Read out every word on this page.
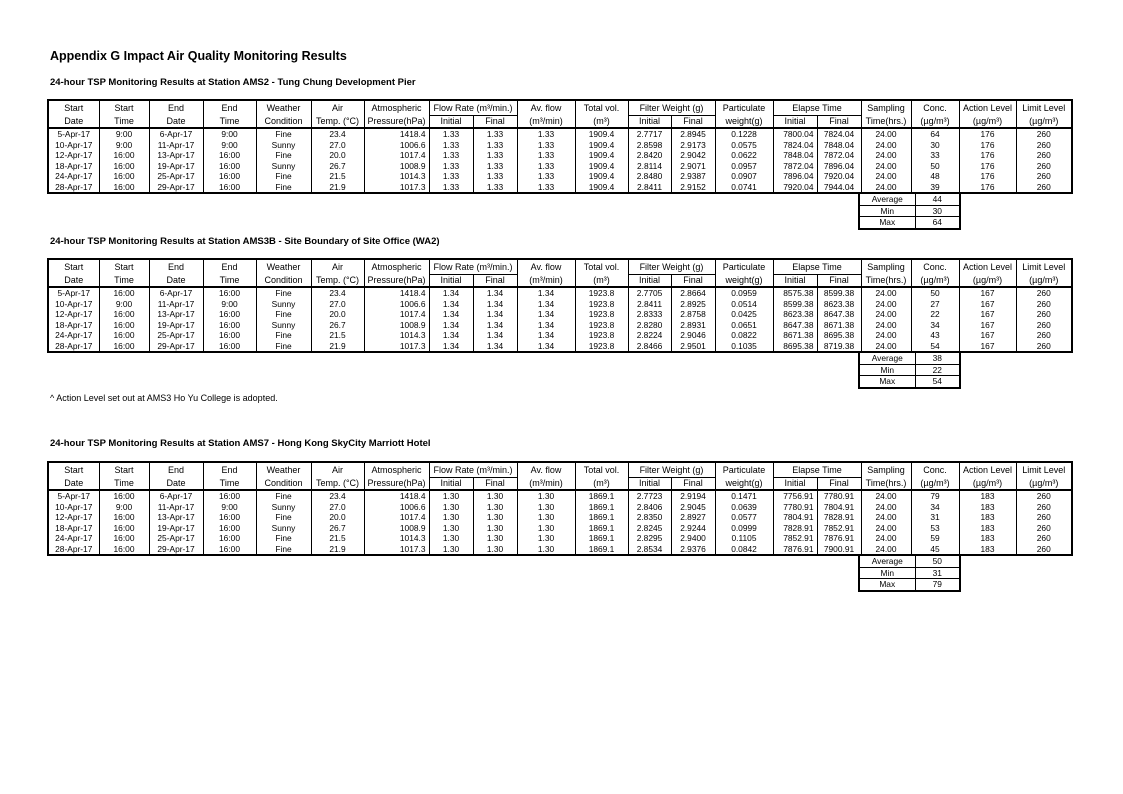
Appendix G Impact Air Quality Monitoring Results
24-hour TSP Monitoring Results at Station AMS2 - Tung Chung Development Pier
Start	Start	End	End	Weather	Air	Atmospheric	Flow Rate (m³/min.)		Av. flow	Total vol.	Filter Weight (g)		Particulate	Elapse Time		Sampling	Conc.	Action Level	Limit Level
Date	Time	Date	Time	Condition	Temp. (°C)	Pressure(hPa)	Initial	Final	(m³/min)	(m³)	Initial	Final	weight(g)	Initial	Final	Time(hrs.)	(µg/m³)	(µg/m³)	(µg/m³)
5-Apr-17	9:00	6-Apr-17	9:00	Fine	23.4	1418.4	1.33	1.33	1.33	1909.4	2.7717	2.8945	0.1228	7800.04	7824.04	24.00	64	176	260
10-Apr-17	9:00	11-Apr-17	9:00	Sunny	27.0	1006.6	1.33	1.33	1.33	1909.4	2.8598	2.9173	0.0575	7824.04	7848.04	24.00	30	176	260
12-Apr-17	16:00	13-Apr-17	16:00	Fine	20.0	1017.4	1.33	1.33	1.33	1909.4	2.8420	2.9042	0.0622	7848.04	7872.04	24.00	33	176	260
18-Apr-17	16:00	19-Apr-17	16:00	Sunny	26.7	1008.9	1.33	1.33	1.33	1909.4	2.8114	2.9071	0.0957	7872.04	7896.04	24.00	50	176	260
24-Apr-17	16:00	25-Apr-17	16:00	Fine	21.5	1014.3	1.33	1.33	1.33	1909.4	2.8480	2.9387	0.0907	7896.04	7920.04	24.00	48	176	260
28-Apr-17	16:00	29-Apr-17	16:00	Fine	21.9	1017.3	1.33	1.33	1.33	1909.4	2.8411	2.9152	0.0741	7920.04	7944.04	24.00	39	176	260
Average	44
Min	30
Max	64
24-hour TSP Monitoring Results at Station AMS3B - Site Boundary of Site Office (WA2)
Start	Start	End	End	Weather	Air	Atmospheric	Flow Rate (m³/min.)		Av. flow	Total vol.	Filter Weight (g)		Particulate	Elapse Time		Sampling	Conc.	Action Level	Limit Level
Date	Time	Date	Time	Condition	Temp. (°C)	Pressure(hPa)	Initial	Final	(m³/min)	(m³)	Initial	Final	weight(g)	Initial	Final	Time(hrs.)	(µg/m³)	(µg/m³)	(µg/m³)
5-Apr-17	16:00	6-Apr-17	16:00	Fine	23.4	1418.4	1.34	1.34	1.34	1923.8	2.7705	2.8664	0.0959	8575.38	8599.38	24.00	50	167	260
10-Apr-17	9:00	11-Apr-17	9:00	Sunny	27.0	1006.6	1.34	1.34	1.34	1923.8	2.8411	2.8925	0.0514	8599.38	8623.38	24.00	27	167	260
12-Apr-17	16:00	13-Apr-17	16:00	Fine	20.0	1017.4	1.34	1.34	1.34	1923.8	2.8333	2.8758	0.0425	8623.38	8647.38	24.00	22	167	260
18-Apr-17	16:00	19-Apr-17	16:00	Sunny	26.7	1008.9	1.34	1.34	1.34	1923.8	2.8280	2.8931	0.0651	8647.38	8671.38	24.00	34	167	260
24-Apr-17	16:00	25-Apr-17	16:00	Fine	21.5	1014.3	1.34	1.34	1.34	1923.8	2.8224	2.9046	0.0822	8671.38	8695.38	24.00	43	167	260
28-Apr-17	16:00	29-Apr-17	16:00	Fine	21.9	1017.3	1.34	1.34	1.34	1923.8	2.8466	2.9501	0.1035	8695.38	8719.38	24.00	54	167	260
Average	38
Min	22
Max	54
^ Action Level set out at AMS3 Ho Yu College is adopted.
24-hour TSP Monitoring Results at Station AMS7 - Hong Kong SkyCity Marriott Hotel
Start	Start	End	End	Weather	Air	Atmospheric	Flow Rate (m³/min.)		Av. flow	Total vol.	Filter Weight (g)		Particulate	Elapse Time		Sampling	Conc.	Action Level	Limit Level
Date	Time	Date	Time	Condition	Temp. (°C)	Pressure(hPa)	Initial	Final	(m³/min)	(m³)	Initial	Final	weight(g)	Initial	Final	Time(hrs.)	(µg/m³)	(µg/m³)	(µg/m³)
5-Apr-17	16:00	6-Apr-17	16:00	Fine	23.4	1418.4	1.30	1.30	1.30	1869.1	2.7723	2.9194	0.1471	7756.91	7780.91	24.00	79	183	260
10-Apr-17	9:00	11-Apr-17	9:00	Sunny	27.0	1006.6	1.30	1.30	1.30	1869.1	2.8406	2.9045	0.0639	7780.91	7804.91	24.00	34	183	260
12-Apr-17	16:00	13-Apr-17	16:00	Fine	20.0	1017.4	1.30	1.30	1.30	1869.1	2.8350	2.8927	0.0577	7804.91	7828.91	24.00	31	183	260
18-Apr-17	16:00	19-Apr-17	16:00	Sunny	26.7	1008.9	1.30	1.30	1.30	1869.1	2.8245	2.9244	0.0999	7828.91	7852.91	24.00	53	183	260
24-Apr-17	16:00	25-Apr-17	16:00	Fine	21.5	1014.3	1.30	1.30	1.30	1869.1	2.8295	2.9400	0.1105	7852.91	7876.91	24.00	59	183	260
28-Apr-17	16:00	29-Apr-17	16:00	Fine	21.9	1017.3	1.30	1.30	1.30	1869.1	2.8534	2.9376	0.0842	7876.91	7900.91	24.00	45	183	260
Average	50
Min	31
Max	79
